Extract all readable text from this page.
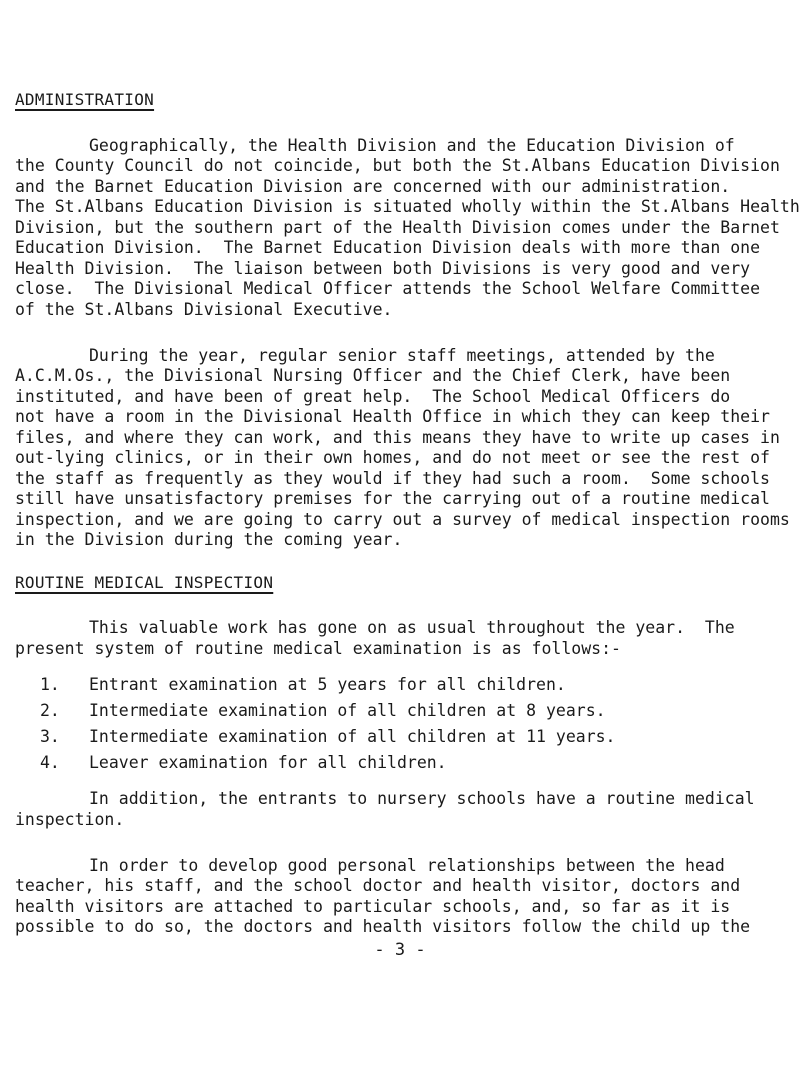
ADMINISTRATION
Geographically, the Health Division and the Education Division of
the County Council do not coincide, but both the St.Albans Education Division
and the Barnet Education Division are concerned with our administration.
The St.Albans Education Division is situated wholly within the St.Albans Health
Division, but the southern part of the Health Division comes under the Barnet
Education Division.  The Barnet Education Division deals with more than one
Health Division.  The liaison between both Divisions is very good and very
close.  The Divisional Medical Officer attends the School Welfare Committee
of the St.Albans Divisional Executive.
During the year, regular senior staff meetings, attended by the
A.C.M.Os., the Divisional Nursing Officer and the Chief Clerk, have been
instituted, and have been of great help.  The School Medical Officers do
not have a room in the Divisional Health Office in which they can keep their
files, and where they can work, and this means they have to write up cases in
out-lying clinics, or in their own homes, and do not meet or see the rest of
the staff as frequently as they would if they had such a room.  Some schools
still have unsatisfactory premises for the carrying out of a routine medical
inspection, and we are going to carry out a survey of medical inspection rooms
in the Division during the coming year.
ROUTINE MEDICAL INSPECTION
This valuable work has gone on as usual throughout the year.  The
present system of routine medical examination is as follows:-
1. Entrant examination at 5 years for all children.
2. Intermediate examination of all children at 8 years.
3. Intermediate examination of all children at 11 years.
4. Leaver examination for all children.
In addition, the entrants to nursery schools have a routine medical
inspection.
In order to develop good personal relationships between the head
teacher, his staff, and the school doctor and health visitor, doctors and
health visitors are attached to particular schools, and, so far as it is
possible to do so, the doctors and health visitors follow the child up the
- 3 -
